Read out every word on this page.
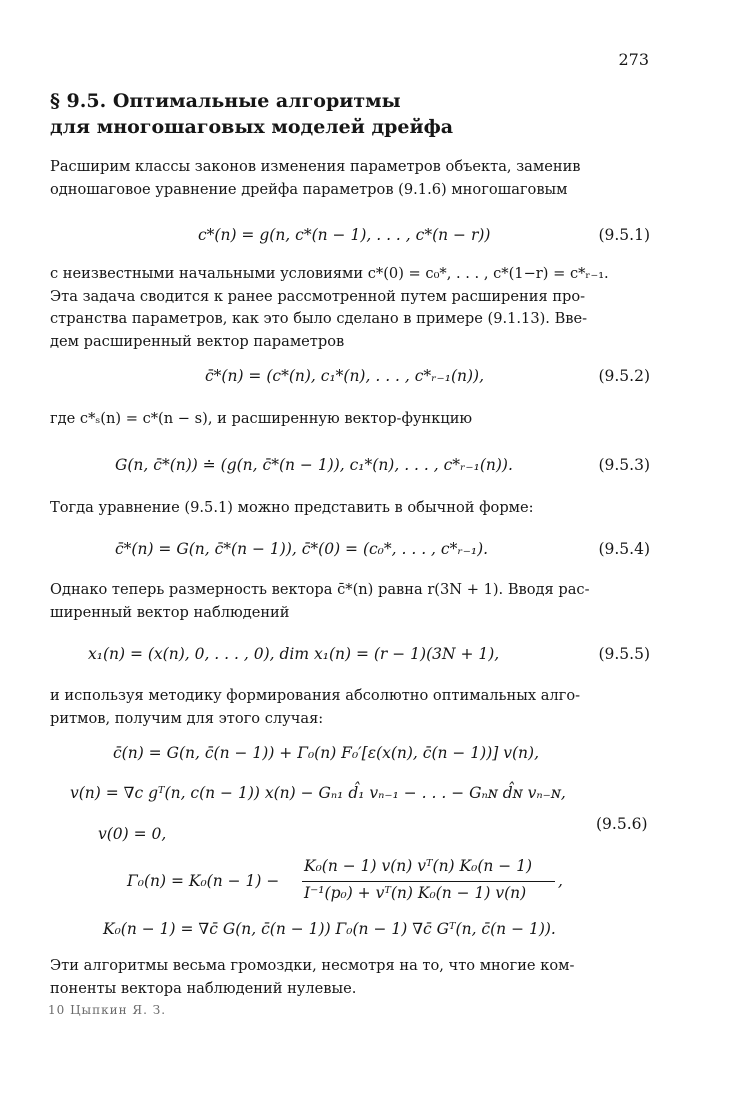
273
§ 9.5. Оптимальные алгоритмы
для многошаговых моделей дрейфа
Расширим классы законов изменения параметров объекта, заменив
одношаговое уравнение дрейфа параметров (9.1.6) многошаговым
c*(n) = g(n, c*(n − 1), . . . , c*(n − r))	(9.5.1)
с неизвестными начальными условиями c*(0) = c₀*, . . . , c*(1−r) = c*ᵣ₋₁.
Эта задача сводится к ранее рассмотренной путем расширения про-
странства параметров, как это было сделано в примере (9.1.13). Вве-
дем расширенный вектор параметров
c̄*(n) = (c*(n), c₁*(n), . . . , c*ᵣ₋₁(n)),	(9.5.2)
где c*ₛ(n) = c*(n − s), и расширенную вектор-функцию
G(n, c̄*(n)) ≐ (g(n, c̄*(n − 1)), c₁*(n), . . . , c*ᵣ₋₁(n)).	(9.5.3)
Тогда уравнение (9.5.1) можно представить в обычной форме:
c̄*(n) = G(n, c̄*(n − 1)), c̄*(0) = (c₀*, . . . , c*ᵣ₋₁).	(9.5.4)
Однако теперь размерность вектора c̄*(n) равна r(3N + 1). Вводя рас-
ширенный вектор наблюдений
x₁(n) = (x(n), 0, . . . , 0), dim x₁(n) = (r − 1)(3N + 1),	(9.5.5)
и используя методику формирования абсолютно оптимальных алго-
ритмов, получим для этого случая:
c̄(n) = G(n, c̄(n − 1)) + Γ₀(n) F₀′[ε(x(n), c̄(n − 1))] v(n),
v(n) = ∇c gᵀ(n, c(n − 1)) x(n) − Gₙ₁ d̂₁ vₙ₋₁ − . . . − Gₙɴ d̂ɴ vₙ₋ɴ,
v(0) = 0,
(9.5.6)
Γ₀(n) = K₀(n − 1) −
K₀(n − 1) v(n) vᵀ(n) K₀(n − 1)
I⁻¹(p₀) + vᵀ(n) K₀(n − 1) v(n)
,
K₀(n − 1) = ∇c̄ G(n, c̄(n − 1)) Γ₀(n − 1) ∇c̄ Gᵀ(n, c̄(n − 1)).
Эти алгоритмы весьма громоздки, несмотря на то, что многие ком-
поненты вектора наблюдений нулевые.
10 Цыпкин Я. З.
